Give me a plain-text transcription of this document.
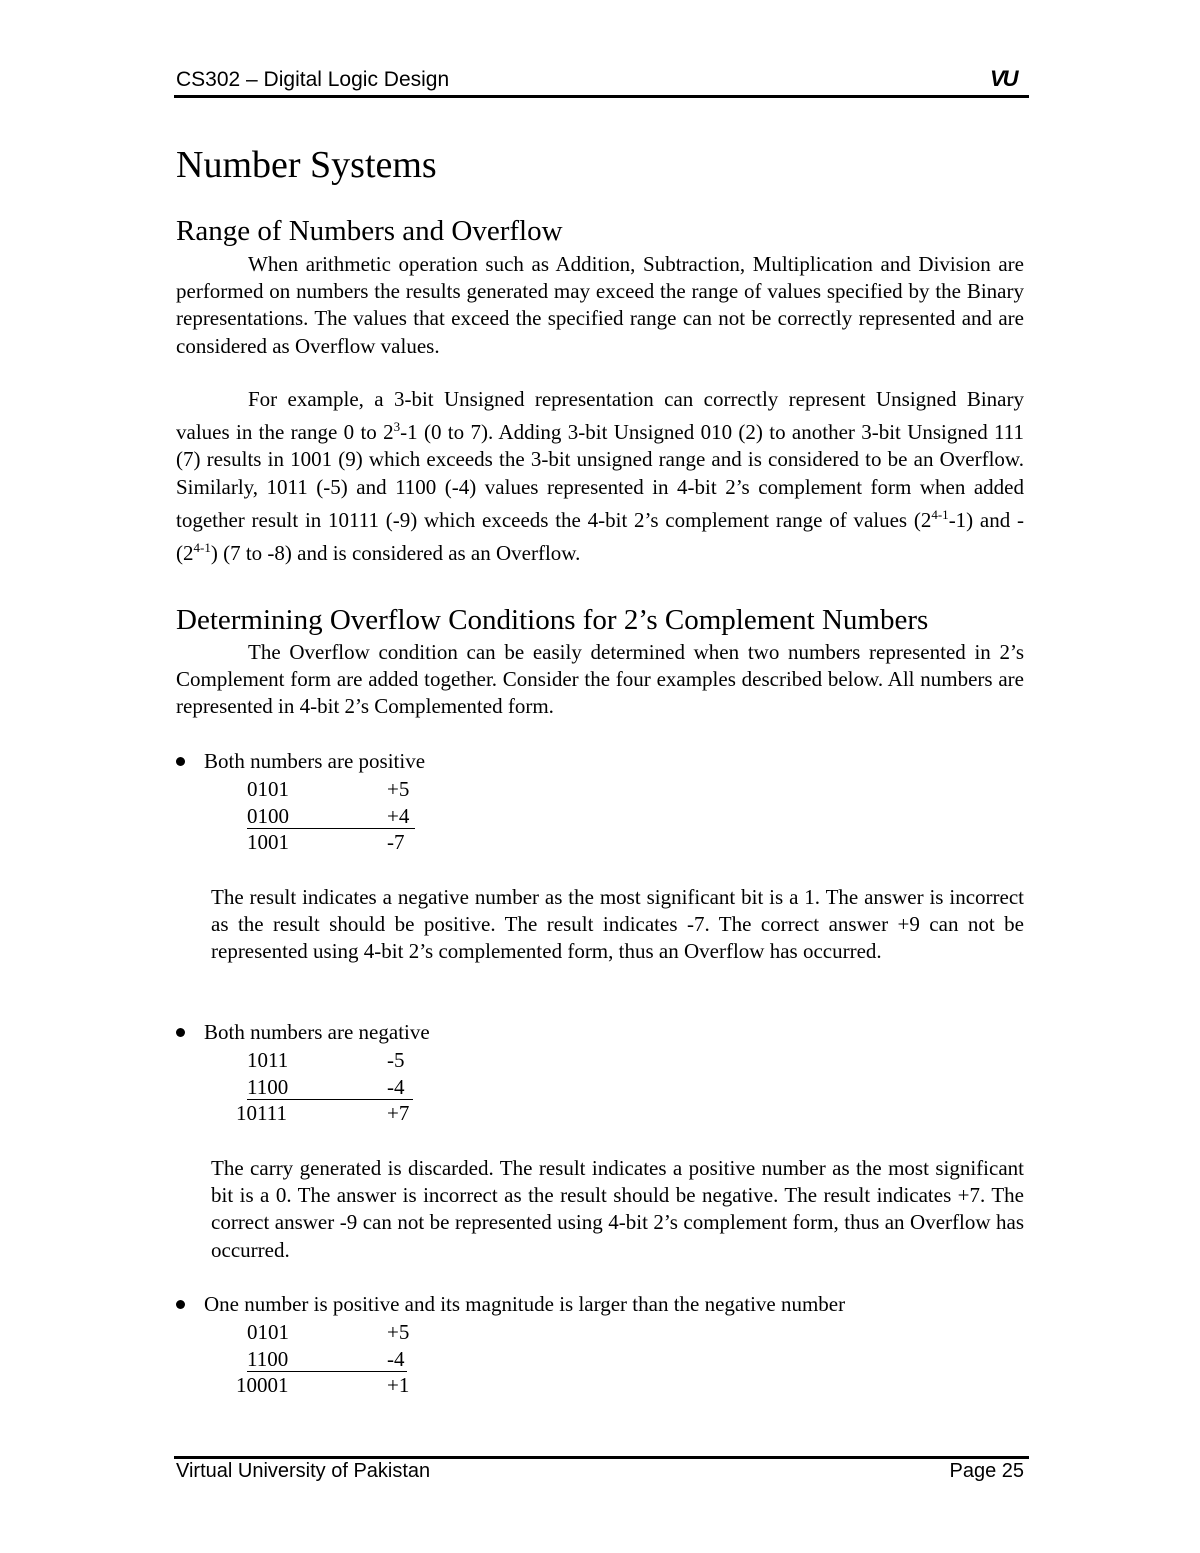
CS302 – Digital Logic Design	VU
Number Systems
Range of Numbers and Overflow

When arithmetic operation such as Addition, Subtraction, Multiplication and Division are performed on numbers the results generated may exceed the range of values specified by the Binary representations. The values that exceed the specified range can not be correctly represented and are considered as Overflow values.

For example, a 3-bit Unsigned representation can correctly represent Unsigned Binary values in the range 0 to $2^3-1$ (0 to 7). Adding 3-bit Unsigned 010 (2) to another 3-bit Unsigned 111 (7) results in 1001 (9) which exceeds the 3-bit unsigned range and is considered to be an Overflow. Similarly, 1011 (-5) and 1100 (-4) values represented in 4-bit 2’s complement form when added together result in 10111 (-9) which exceeds the 4-bit 2’s complement range of values (2$^{4-1}$-1) and -(2$^{4-1}$) (7 to -8) and is considered as an Overflow.

Determining Overflow Conditions for 2’s Complement Numbers

The Overflow condition can be easily determined when two numbers represented in 2’s Complement form are added together. Consider the four examples described below. All numbers are represented in 4-bit 2’s Complemented form.

Both numbers are positive
0101	+5
0100	+4
1001	-7

The result indicates a negative number as the most significant bit is a 1. The answer is incorrect as the result should be positive. The result indicates -7. The correct answer +9 can not be represented using 4-bit 2’s complemented form, thus an Overflow has occurred.

Both numbers are negative
1011	-5
1100	-4
10111	+7

The carry generated is discarded. The result indicates a positive number as the most significant bit is a 0. The answer is incorrect as the result should be negative. The result indicates +7. The correct answer -9 can not be represented using 4-bit 2’s complement form, thus an Overflow has occurred.

One number is positive and its magnitude is larger than the negative number
0101	+5
1100	-4
10001	+1
Virtual University of Pakistan	Page 25
